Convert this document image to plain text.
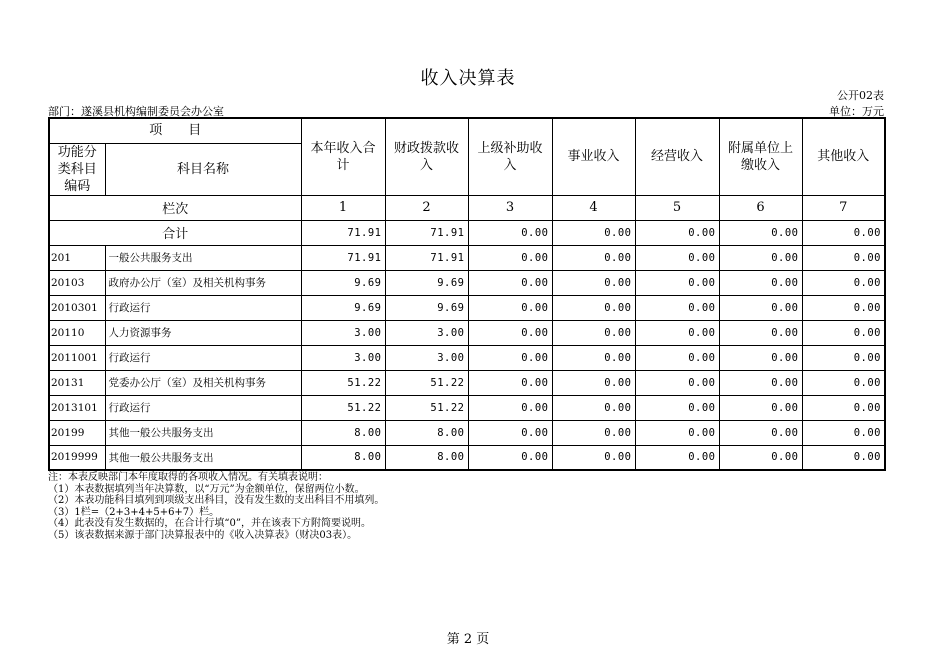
收入决算表
公开02表
部门：遂溪县机构编制委员会办公室	单位：万元
项　　目		本年收入合计	财政拨款收入	上级补助收入	事业收入	经营收入	附属单位上缴收入	其他收入
功能分类科目编码	科目名称							
栏次		1	2	3	4	5	6	7
合计		71.91	71.91	0.00	0.00	0.00	0.00	0.00
201	一般公共服务支出	71.91	71.91	0.00	0.00	0.00	0.00	0.00
20103	政府办公厅（室）及相关机构事务	9.69	9.69	0.00	0.00	0.00	0.00	0.00
2010301	行政运行	9.69	9.69	0.00	0.00	0.00	0.00	0.00
20110	人力资源事务	3.00	3.00	0.00	0.00	0.00	0.00	0.00
2011001	行政运行	3.00	3.00	0.00	0.00	0.00	0.00	0.00
20131	党委办公厅（室）及相关机构事务	51.22	51.22	0.00	0.00	0.00	0.00	0.00
2013101	行政运行	51.22	51.22	0.00	0.00	0.00	0.00	0.00
20199	其他一般公共服务支出	8.00	8.00	0.00	0.00	0.00	0.00	0.00
2019999	其他一般公共服务支出	8.00	8.00	0.00	0.00	0.00	0.00	0.00
注：本表反映部门本年度取得的各项收入情况。有关填表说明：
（1）本表数据填列当年决算数，以“万元”为金额单位，保留两位小数。
（2）本表功能科目填列到项级支出科目，没有发生数的支出科目不用填列。
（3）1栏=（2+3+4+5+6+7）栏。
（4）此表没有发生数据的，在合计行填“0”，并在该表下方附简要说明。
（5）该表数据来源于部门决算报表中的《收入决算表》（财决03表）。
第 2 页
